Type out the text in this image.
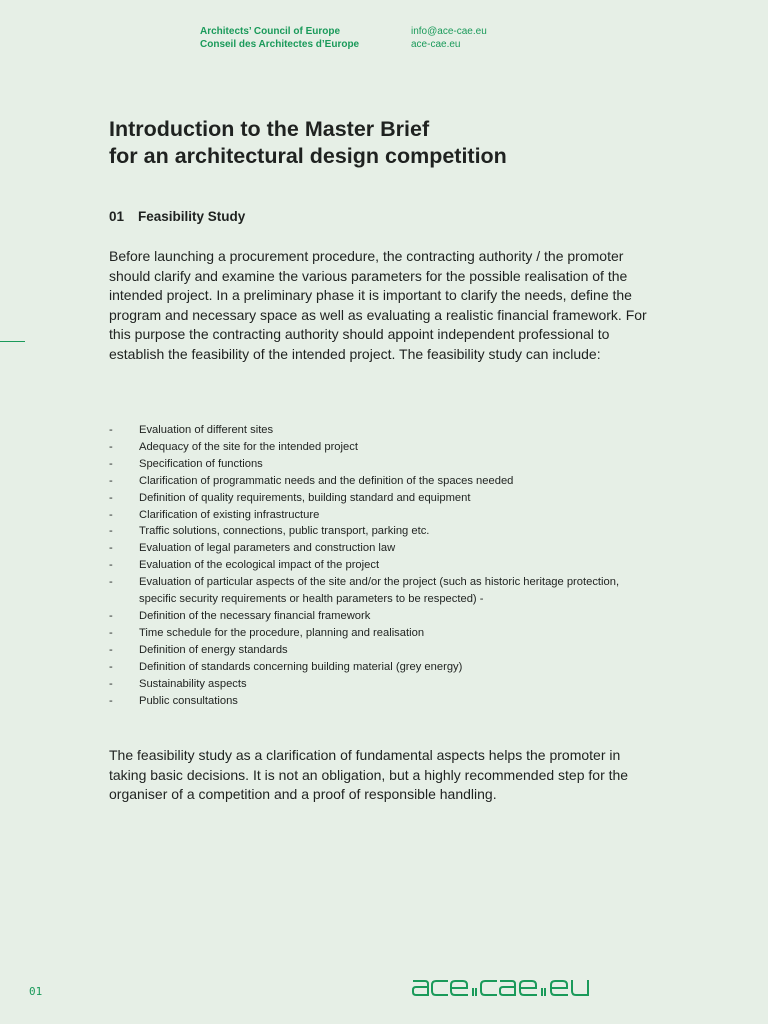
Architects’ Council of Europe
Conseil des Architectes d’Europe
info@ace-cae.eu
ace-cae.eu
Introduction to the Master Brief
for an architectural design competition
01 Feasibility Study

Before launching a procurement procedure, the contracting authority / the promoter should clarify and examine the various parameters for the possible realisation of the intended project. In a preliminary phase it is important to clarify the needs, define the program and necessary space as well as evaluating a realistic financial framework. For this purpose the contracting authority should appoint independent professional to establish the feasibility of the intended project. The feasibility study can include:

-	Evaluation of different sites
-	Adequacy of the site for the intended project
-	Specification of functions
-	Clarification of programmatic needs and the definition of the spaces needed
-	Definition of quality requirements, building standard and equipment
-	Clarification of existing infrastructure
-	Traffic solutions, connections, public transport, parking etc.
-	Evaluation of legal parameters and construction law
-	Evaluation of the ecological impact of the project
-	Evaluation of particular aspects of the site and/or the project (such as historic heritage protection, specific security requirements or health parameters to be respected) -
-	Definition of the necessary financial framework
-	Time schedule for the procedure, planning and realisation
-	Definition of energy standards
-	Definition of standards concerning building material (grey energy)
-	Sustainability aspects
-	Public consultations

The feasibility study as a clarification of fundamental aspects helps the promoter in taking basic decisions. It is not an obligation, but a highly recommended step for the organiser of a competition and a proof of responsible handling.

01
